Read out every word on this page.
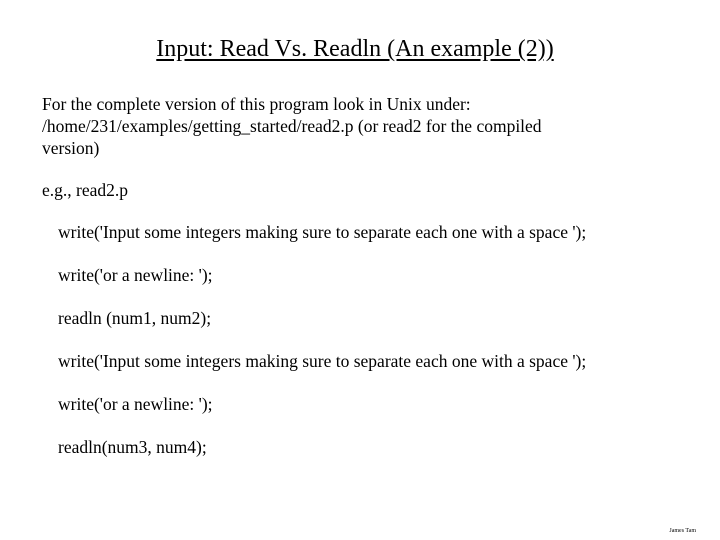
Input: Read Vs. Readln (An example (2))
For the complete version of this program look in Unix under:
/home/231/examples/getting_started/read2.p (or read2 for the compiled
version)
e.g., read2.p
write('Input some integers making sure to separate each one with a space ');
write('or a newline: ');
readln (num1, num2);
write('Input some integers making sure to separate each one with a space ');
write('or a newline: ');
readln(num3, num4);
James Tam
